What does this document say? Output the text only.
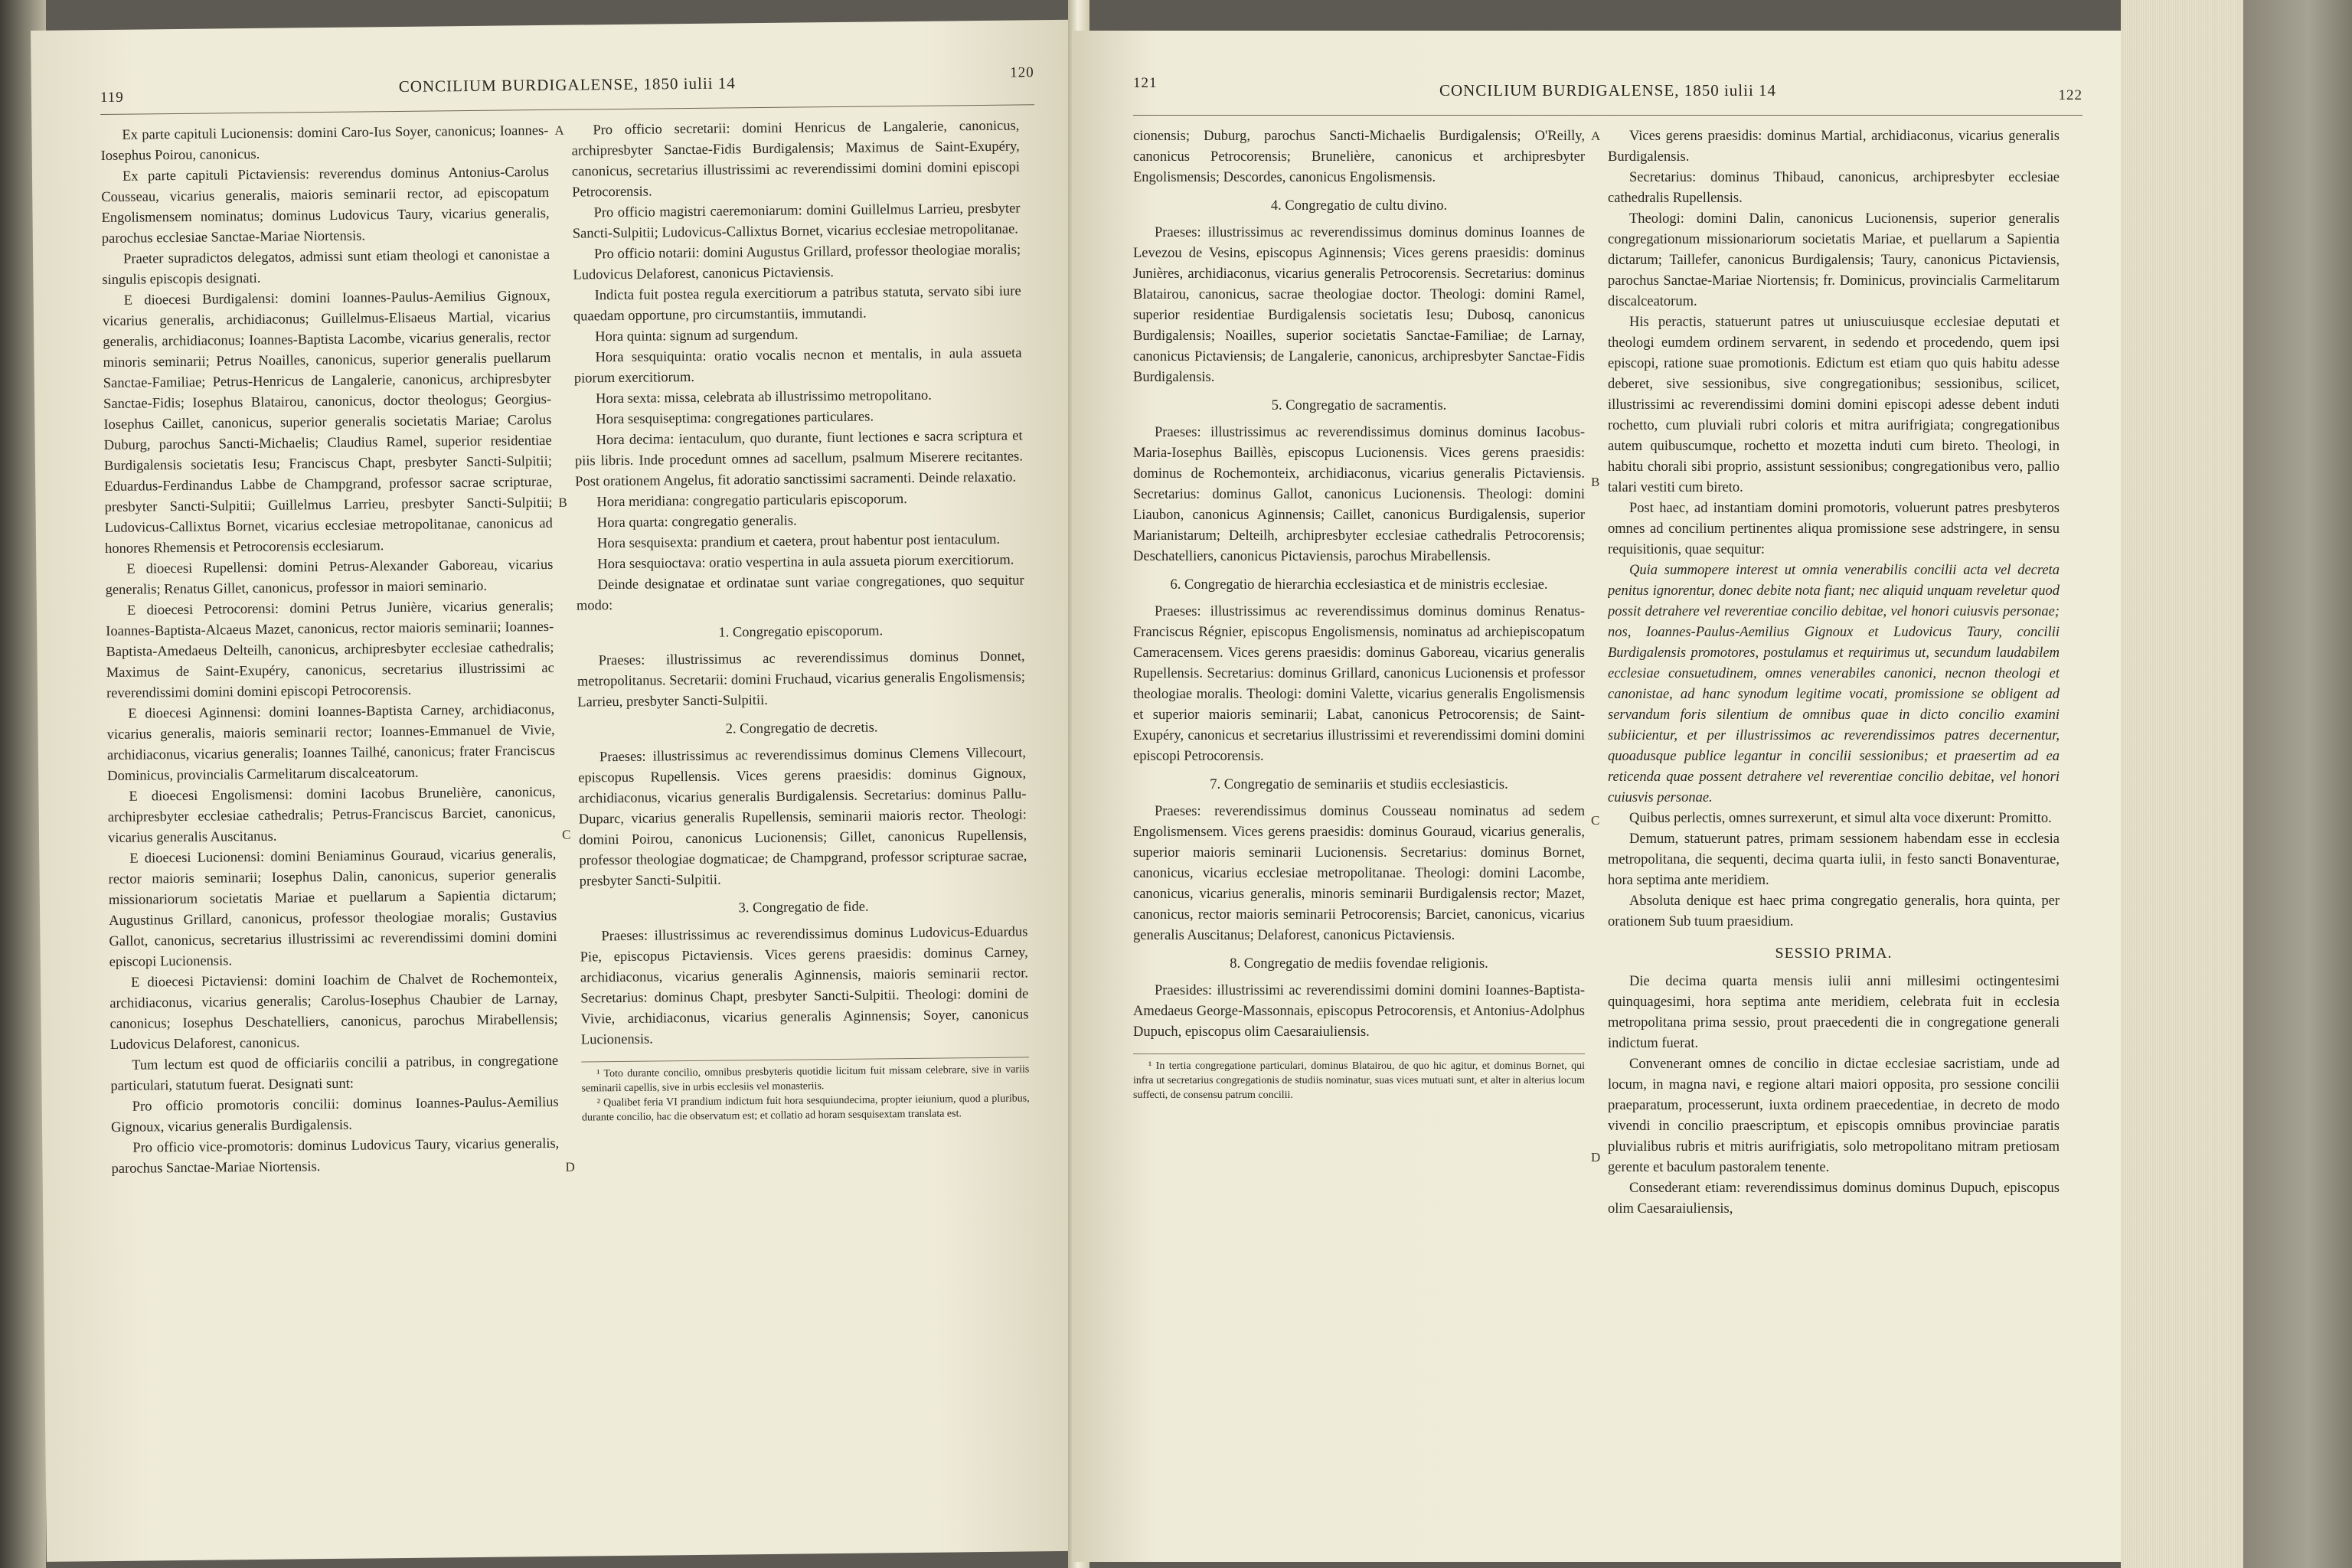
119
CONCILIUM BURDIGALENSE, 1850 iulii 14
120

Ex parte capituli Lucionensis: domini Caro-Ius Soyer, canonicus; Ioannes-Iosephus Poirou, canonicus.

Ex parte capituli Pictaviensis: reverendus dominus Antonius-Carolus Cousseau, vicarius generalis, maioris seminarii rector, ad episcopatum Engolismensem nominatus; dominus Ludovicus Taury, vicarius generalis, parochus ecclesiae Sanctae-Mariae Niortensis.

Praeter supradictos delegatos, admissi sunt etiam theologi et canonistae a singulis episcopis designati.

E dioecesi Burdigalensi: domini Ioannes-Paulus-Aemilius Gignoux, vicarius generalis, archidiaconus; Guillelmus-Elisaeus Martial, vicarius generalis, archidiaconus; Ioannes-Baptista Lacombe, vicarius generalis, rector minoris seminarii; Petrus Noailles, canonicus, superior generalis puellarum Sanctae-Familiae; Petrus-Henricus de Langalerie, canonicus, archipresbyter Sanctae-Fidis; Iosephus Blatairou, canonicus, doctor theologus; Georgius-Iosephus Caillet, canonicus, superior generalis societatis Mariae; Carolus Duburg, parochus Sancti-Michaelis; Claudius Ramel, superior residentiae Burdigalensis societatis Iesu; Franciscus Chapt, presbyter Sancti-Sulpitii; Eduardus-Ferdinandus Labbe de Champgrand, professor sacrae scripturae, presbyter Sancti-Sulpitii; Guillelmus Larrieu, presbyter Sancti-Sulpitii; Ludovicus-Callixtus Bornet, vicarius ecclesiae metropolitanae, canonicus ad honores Rhemensis et Petrocorensis ecclesiarum.

E dioecesi Rupellensi: domini Petrus-Alexander Gaboreau, vicarius generalis; Renatus Gillet, canonicus, professor in maiori seminario.

E dioecesi Petrocorensi: domini Petrus Junière, vicarius generalis; Ioannes-Baptista-Alcaeus Mazet, canonicus, rector maioris seminarii; Ioannes-Baptista-Amedaeus Delteilh, canonicus, archipresbyter ecclesiae cathedralis; Maximus de Saint-Exupéry, canonicus, secretarius illustrissimi ac reverendissimi domini domini episcopi Petrocorensis.

E dioecesi Aginnensi: domini Ioannes-Baptista Carney, archidiaconus, vicarius generalis, maioris seminarii rector; Ioannes-Emmanuel de Vivie, archidiaconus, vicarius generalis; Ioannes Tailhé, canonicus; frater Franciscus Dominicus, provincialis Carmelitarum discalceatorum.

E dioecesi Engolismensi: domini Iacobus Brunelière, canonicus, archipresbyter ecclesiae cathedralis; Petrus-Franciscus Barciet, canonicus, vicarius generalis Auscitanus.

E dioecesi Lucionensi: domini Beniaminus Gouraud, vicarius generalis, rector maioris seminarii; Iosephus Dalin, canonicus, superior generalis missionariorum societatis Mariae et puellarum a Sapientia dictarum; Augustinus Grillard, canonicus, professor theologiae moralis; Gustavius Gallot, canonicus, secretarius illustrissimi ac reverendissimi domini domini episcopi Lucionensis.

E dioecesi Pictaviensi: domini Ioachim de Chalvet de Rochemonteix, archidiaconus, vicarius generalis; Carolus-Iosephus Chaubier de Larnay, canonicus; Iosephus Deschatelliers, canonicus, parochus Mirabellensis; Ludovicus Delaforest, canonicus.

Tum lectum est quod de officiariis concilii a patribus, in congregatione particulari, statutum fuerat. Designati sunt:

Pro officio promotoris concilii: dominus Ioannes-Paulus-Aemilius Gignoux, vicarius generalis Burdigalensis.

Pro officio vice-promotoris: dominus Ludovicus Taury, vicarius generalis, parochus Sanctae-Mariae Niortensis.

Pro officio secretarii: domini Henricus de Langalerie, canonicus, archipresbyter Sanctae-Fidis Burdigalensis; Maximus de Saint-Exupéry, canonicus, secretarius illustrissimi ac reverendissimi domini domini episcopi Petrocorensis.

Pro officio magistri caeremoniarum: domini Guillelmus Larrieu, presbyter Sancti-Sulpitii; Ludovicus-Callixtus Bornet, vicarius ecclesiae metropolitanae.

Pro officio notarii: domini Augustus Grillard, professor theologiae moralis; Ludovicus Delaforest, canonicus Pictaviensis.

Indicta fuit postea regula exercitiorum a patribus statuta, servato sibi iure quaedam opportune, pro circumstantiis, immutandi.

Hora quinta: signum ad surgendum.

Hora sesquiquinta: oratio vocalis necnon et mentalis, in aula assueta piorum exercitiorum.

Hora sexta: missa, celebrata ab illustrissimo metropolitano.

Hora sesquiseptima: congregationes particulares.

Hora decima: ientaculum, quo durante, fiunt lectiones e sacra scriptura et piis libris. Inde procedunt omnes ad sacellum, psalmum Miserere recitantes. Post orationem Angelus, fit adoratio sanctissimi sacramenti. Deinde relaxatio.

Hora meridiana: congregatio particularis episcoporum.

Hora quarta: congregatio generalis.

Hora sesquisexta: prandium et caetera, prout habentur post ientaculum.

Hora sesquioctava: oratio vespertina in aula assueta piorum exercitiorum.

Deinde designatae et ordinatae sunt variae congregationes, quo sequitur modo:

1. Congregatio episcoporum.

Praeses: illustrissimus ac reverendissimus dominus Donnet, metropolitanus. Secretarii: domini Fruchaud, vicarius generalis Engolismensis; Larrieu, presbyter Sancti-Sulpitii.

2. Congregatio de decretis.

Praeses: illustrissimus ac reverendissimus dominus Clemens Villecourt, episcopus Rupellensis. Vices gerens praesidis: dominus Gignoux, archidiaconus, vicarius generalis Burdigalensis. Secretarius: dominus Pallu-Duparc, vicarius generalis Rupellensis, seminarii maioris rector. Theologi: domini Poirou, canonicus Lucionensis; Gillet, canonicus Rupellensis, professor theologiae dogmaticae; de Champgrand, professor scripturae sacrae, presbyter Sancti-Sulpitii.

3. Congregatio de fide.

Praeses: illustrissimus ac reverendissimus dominus Ludovicus-Eduardus Pie, episcopus Pictaviensis. Vices gerens praesidis: dominus Carney, archidiaconus, vicarius generalis Aginnensis, maioris seminarii rector. Secretarius: dominus Chapt, presbyter Sancti-Sulpitii. Theologi: domini de Vivie, archidiaconus, vicarius generalis Aginnensis; Soyer, canonicus Lucionensis.

¹ Toto durante concilio, omnibus presbyteris quotidie licitum fuit missam celebrare, sive in variis seminarii capellis, sive in urbis ecclesiis vel monasteriis.

² Qualibet feria VI prandium indictum fuit hora sesquiundecima, propter ieiunium, quod a pluribus, durante concilio, hac die observatum est; et collatio ad horam sesquisextam translata est.

A
B
C
D
121	CONCILIUM BURDIGALENSE, 1850 iulii 14	122

cionensis; Duburg, parochus Sancti-Michaelis Burdigalensis; O'Reilly, canonicus Petrocorensis; Brunelière, canonicus et archipresbyter Engolismensis; Descordes, canonicus Engolismensis.

4. Congregatio de cultu divino.

Praeses: illustrissimus ac reverendissimus dominus dominus Ioannes de Levezou de Vesins, episcopus Aginnensis; Vices gerens praesidis: dominus Junières, archidiaconus, vicarius generalis Petrocorensis. Secretarius: dominus Blatairou, canonicus, sacrae theologiae doctor. Theologi: domini Ramel, superior residentiae Burdigalensis societatis Iesu; Dubosq, canonicus Burdigalensis; Noailles, superior societatis Sanctae-Familiae; de Larnay, canonicus Pictaviensis; de Langalerie, canonicus, archipresbyter Sanctae-Fidis Burdigalensis.

5. Congregatio de sacramentis.

Praeses: illustrissimus ac reverendissimus dominus dominus Iacobus-Maria-Iosephus Baillès, episcopus Lucionensis. Vices gerens praesidis: dominus de Rochemonteix, archidiaconus, vicarius generalis Pictaviensis. Secretarius: dominus Gallot, canonicus Lucionensis. Theologi: domini Liaubon, canonicus Aginnensis; Caillet, canonicus Burdigalensis, superior Marianistarum; Delteilh, archipresbyter ecclesiae cathedralis Petrocorensis; Deschatelliers, canonicus Pictaviensis, parochus Mirabellensis.

6. Congregatio de hierarchia ecclesiastica et de ministris ecclesiae.

Praeses: illustrissimus ac reverendissimus dominus dominus Renatus-Franciscus Régnier, episcopus Engolismensis, nominatus ad archiepiscopatum Cameracensem. Vices gerens praesidis: dominus Gaboreau, vicarius generalis Rupellensis. Secretarius: dominus Grillard, canonicus Lucionensis et professor theologiae moralis. Theologi: domini Valette, vicarius generalis Engolismensis et superior maioris seminarii; Labat, canonicus Petrocorensis; de Saint-Exupéry, canonicus et secretarius illustrissimi et reverendissimi domini domini episcopi Petrocorensis.

7. Congregatio de seminariis et studiis ecclesiasticis.

Praeses: reverendissimus dominus Cousseau nominatus ad sedem Engolismensem. Vices gerens praesidis: dominus Gouraud, vicarius generalis, superior maioris seminarii Lucionensis. Secretarius: dominus Bornet, canonicus, vicarius ecclesiae metropolitanae. Theologi: domini Lacombe, canonicus, vicarius generalis, minoris seminarii Burdigalensis rector; Mazet, canonicus, rector maioris seminarii Petrocorensis; Barciet, canonicus, vicarius generalis Auscitanus; Delaforest, canonicus Pictaviensis.

8. Congregatio de mediis fovendae religionis.

Praesides: illustrissimi ac reverendissimi domini domini Ioannes-Baptista-Amedaeus George-Massonnais, episcopus Petrocorensis, et Antonius-Adolphus Dupuch, episcopus olim Caesaraiuliensis.

¹ In tertia congregatione particulari, dominus Blatairou, de quo hic agitur, et dominus Bornet, qui infra ut secretarius congregationis de studiis nominatur, suas vices mutuati sunt, et alter in alterius locum suffecti, de consensu patrum concilii.

Vices gerens praesidis: dominus Martial, archidiaconus, vicarius generalis Burdigalensis.

Secretarius: dominus Thibaud, canonicus, archipresbyter ecclesiae cathedralis Rupellensis.

Theologi: domini Dalin, canonicus Lucionensis, superior generalis congregationum missionariorum societatis Mariae, et puellarum a Sapientia dictarum; Taillefer, canonicus Burdigalensis; Taury, canonicus Pictaviensis, parochus Sanctae-Mariae Niortensis; fr. Dominicus, provincialis Carmelitarum discalceatorum.

His peractis, statuerunt patres ut uniuscuiusque ecclesiae deputati et theologi eumdem ordinem servarent, in sedendo et procedendo, quem ipsi episcopi, ratione suae promotionis. Edictum est etiam quo quis habitu adesse deberet, sive sessionibus, sive congregationibus; sessionibus, scilicet, illustrissimi ac reverendissimi domini domini episcopi adesse debent induti rochetto, cum pluviali rubri coloris et mitra aurifrigiata; congregationibus autem quibuscumque, rochetto et mozetta induti cum bireto. Theologi, in habitu chorali sibi proprio, assistunt sessionibus; congregationibus vero, pallio talari vestiti cum bireto.

Post haec, ad instantiam domini promotoris, voluerunt patres presbyteros omnes ad concilium pertinentes aliqua promissione sese adstringere, in sensu requisitionis, quae sequitur:

Quia summopere interest ut omnia venerabilis concilii acta vel decreta penitus ignorentur, donec debite nota fiant; nec aliquid unquam reveletur quod possit detrahere vel reverentiae concilio debitae, vel honori cuiusvis personae; nos, Ioannes-Paulus-Aemilius Gignoux et Ludovicus Taury, concilii Burdigalensis promotores, postulamus et requirimus ut, secundum laudabilem ecclesiae consuetudinem, omnes venerabiles canonici, necnon theologi et canonistae, ad hanc synodum legitime vocati, promissione se obligent ad servandum foris silentium de omnibus quae in dicto concilio examini subiicientur, et per illustrissimos ac reverendissimos patres decernentur, quoadusque publice legantur in concilii sessionibus; et praesertim ad ea reticenda quae possent detrahere vel reverentiae concilio debitae, vel honori cuiusvis personae.

Quibus perlectis, omnes surrexerunt, et simul alta voce dixerunt: Promitto.

Demum, statuerunt patres, primam sessionem habendam esse in ecclesia metropolitana, die sequenti, decima quarta iulii, in festo sancti Bonaventurae, hora septima ante meridiem.

Absoluta denique est haec prima congregatio generalis, hora quinta, per orationem Sub tuum praesidium.

SESSIO PRIMA.

Die decima quarta mensis iulii anni millesimi octingentesimi quinquagesimi, hora septima ante meridiem, celebrata fuit in ecclesia metropolitana prima sessio, prout praecedenti die in congregatione generali indictum fuerat.

Convenerant omnes de concilio in dictae ecclesiae sacristiam, unde ad locum, in magna navi, e regione altari maiori opposita, pro sessione concilii praeparatum, processerunt, iuxta ordinem praecedentiae, in decreto de modo vivendi in concilio praescriptum, et episcopis omnibus provinciae paratis pluvialibus rubris et mitris aurifrigiatis, solo metropolitano mitram pretiosam gerente et baculum pastoralem tenente.

Consederant etiam: reverendissimus dominus dominus Dupuch, episcopus olim Caesaraiuliensis,

A
B
C
D
